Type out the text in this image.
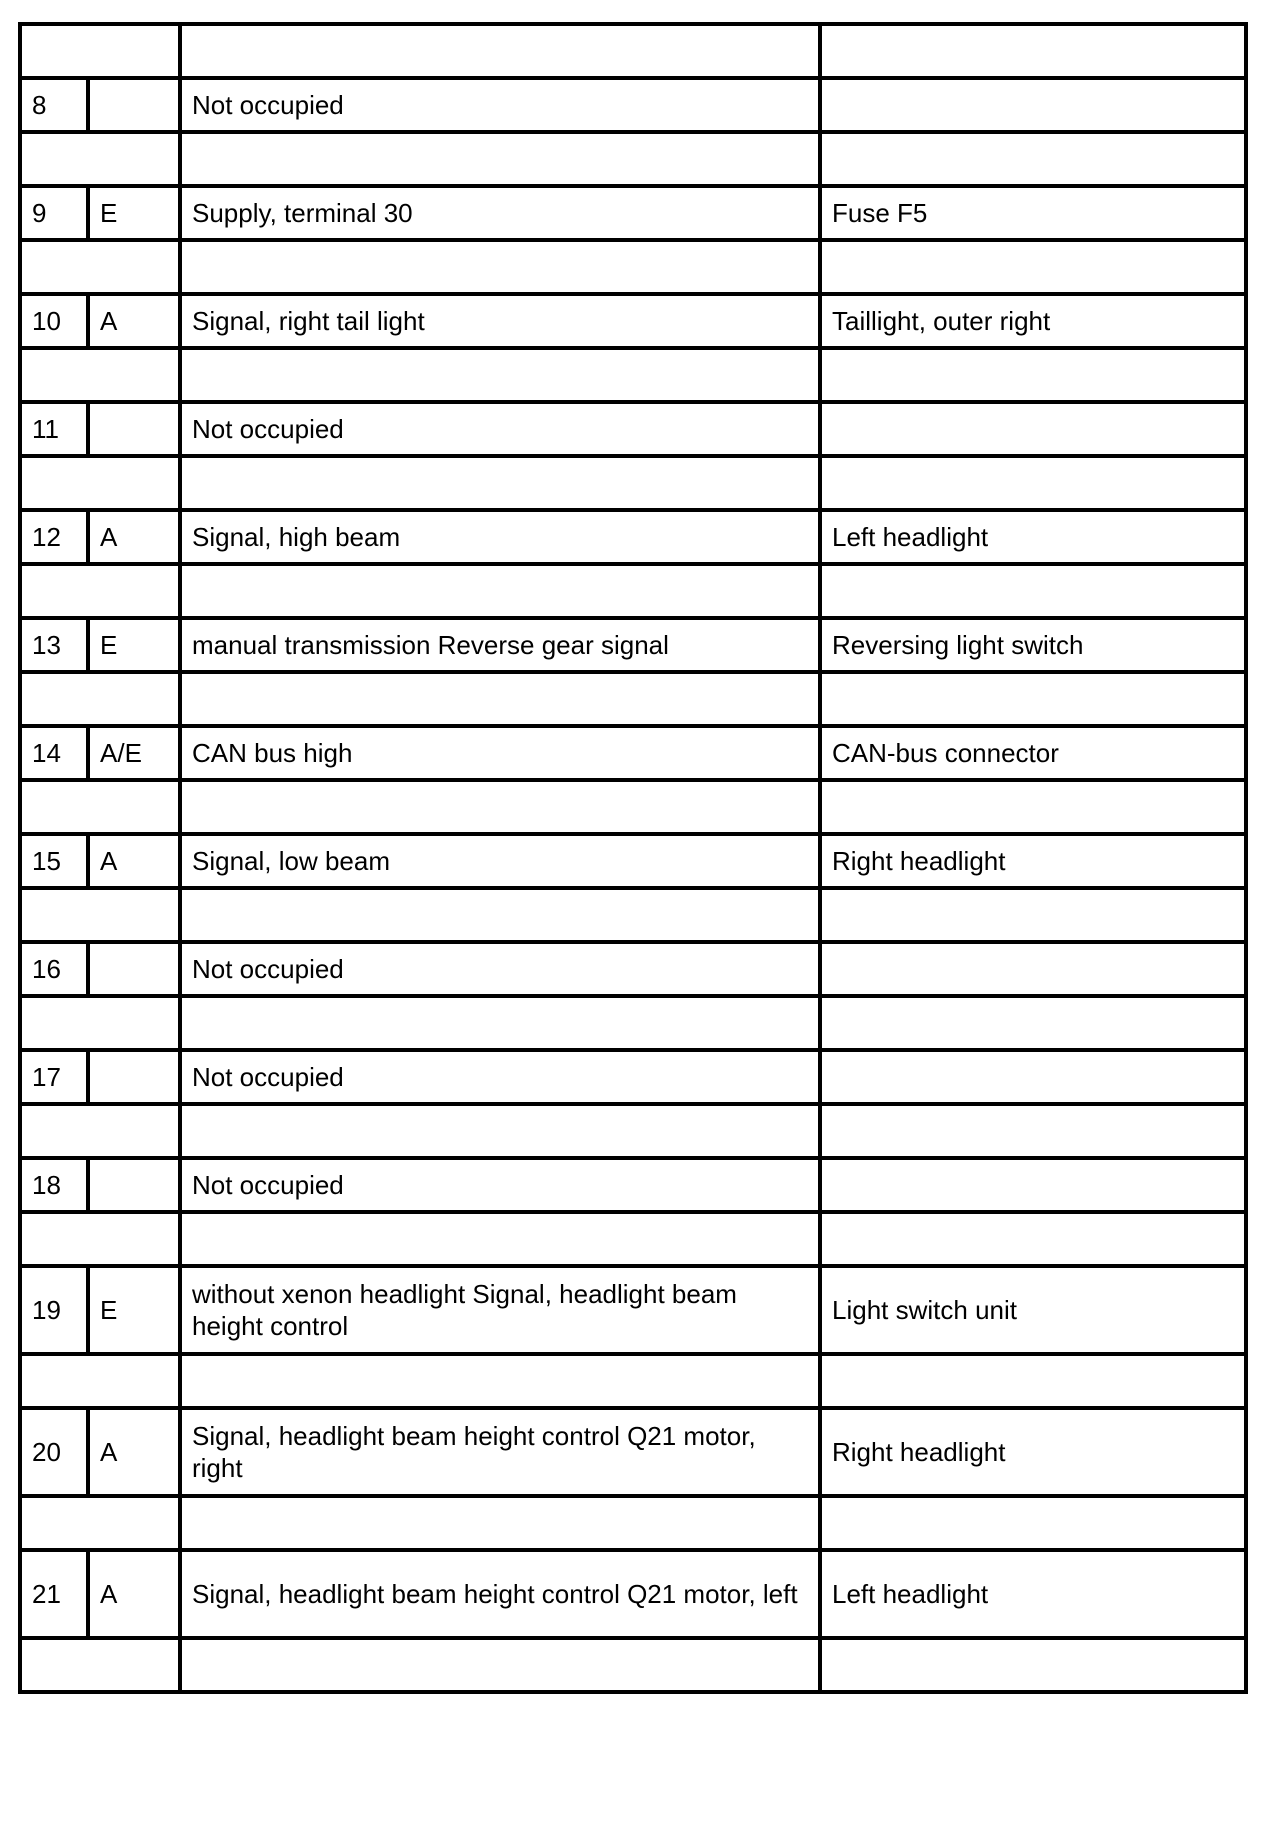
8		Not occupied	

9	E	Supply, terminal 30	Fuse F5

10	A	Signal, right tail light	Taillight, outer right

11		Not occupied	

12	A	Signal, high beam	Left headlight

13	E	manual transmission Reverse gear signal	Reversing light switch

14	A/E	CAN bus high	CAN-bus connector

15	A	Signal, low beam	Right headlight

16		Not occupied	

17		Not occupied	

18		Not occupied	

19	E	without xenon headlight Signal, headlight beam height control	Light switch unit

20	A	Signal, headlight beam height control Q21 motor, right	Right headlight

21	A	Signal, headlight beam height control Q21 motor, left	Left headlight
